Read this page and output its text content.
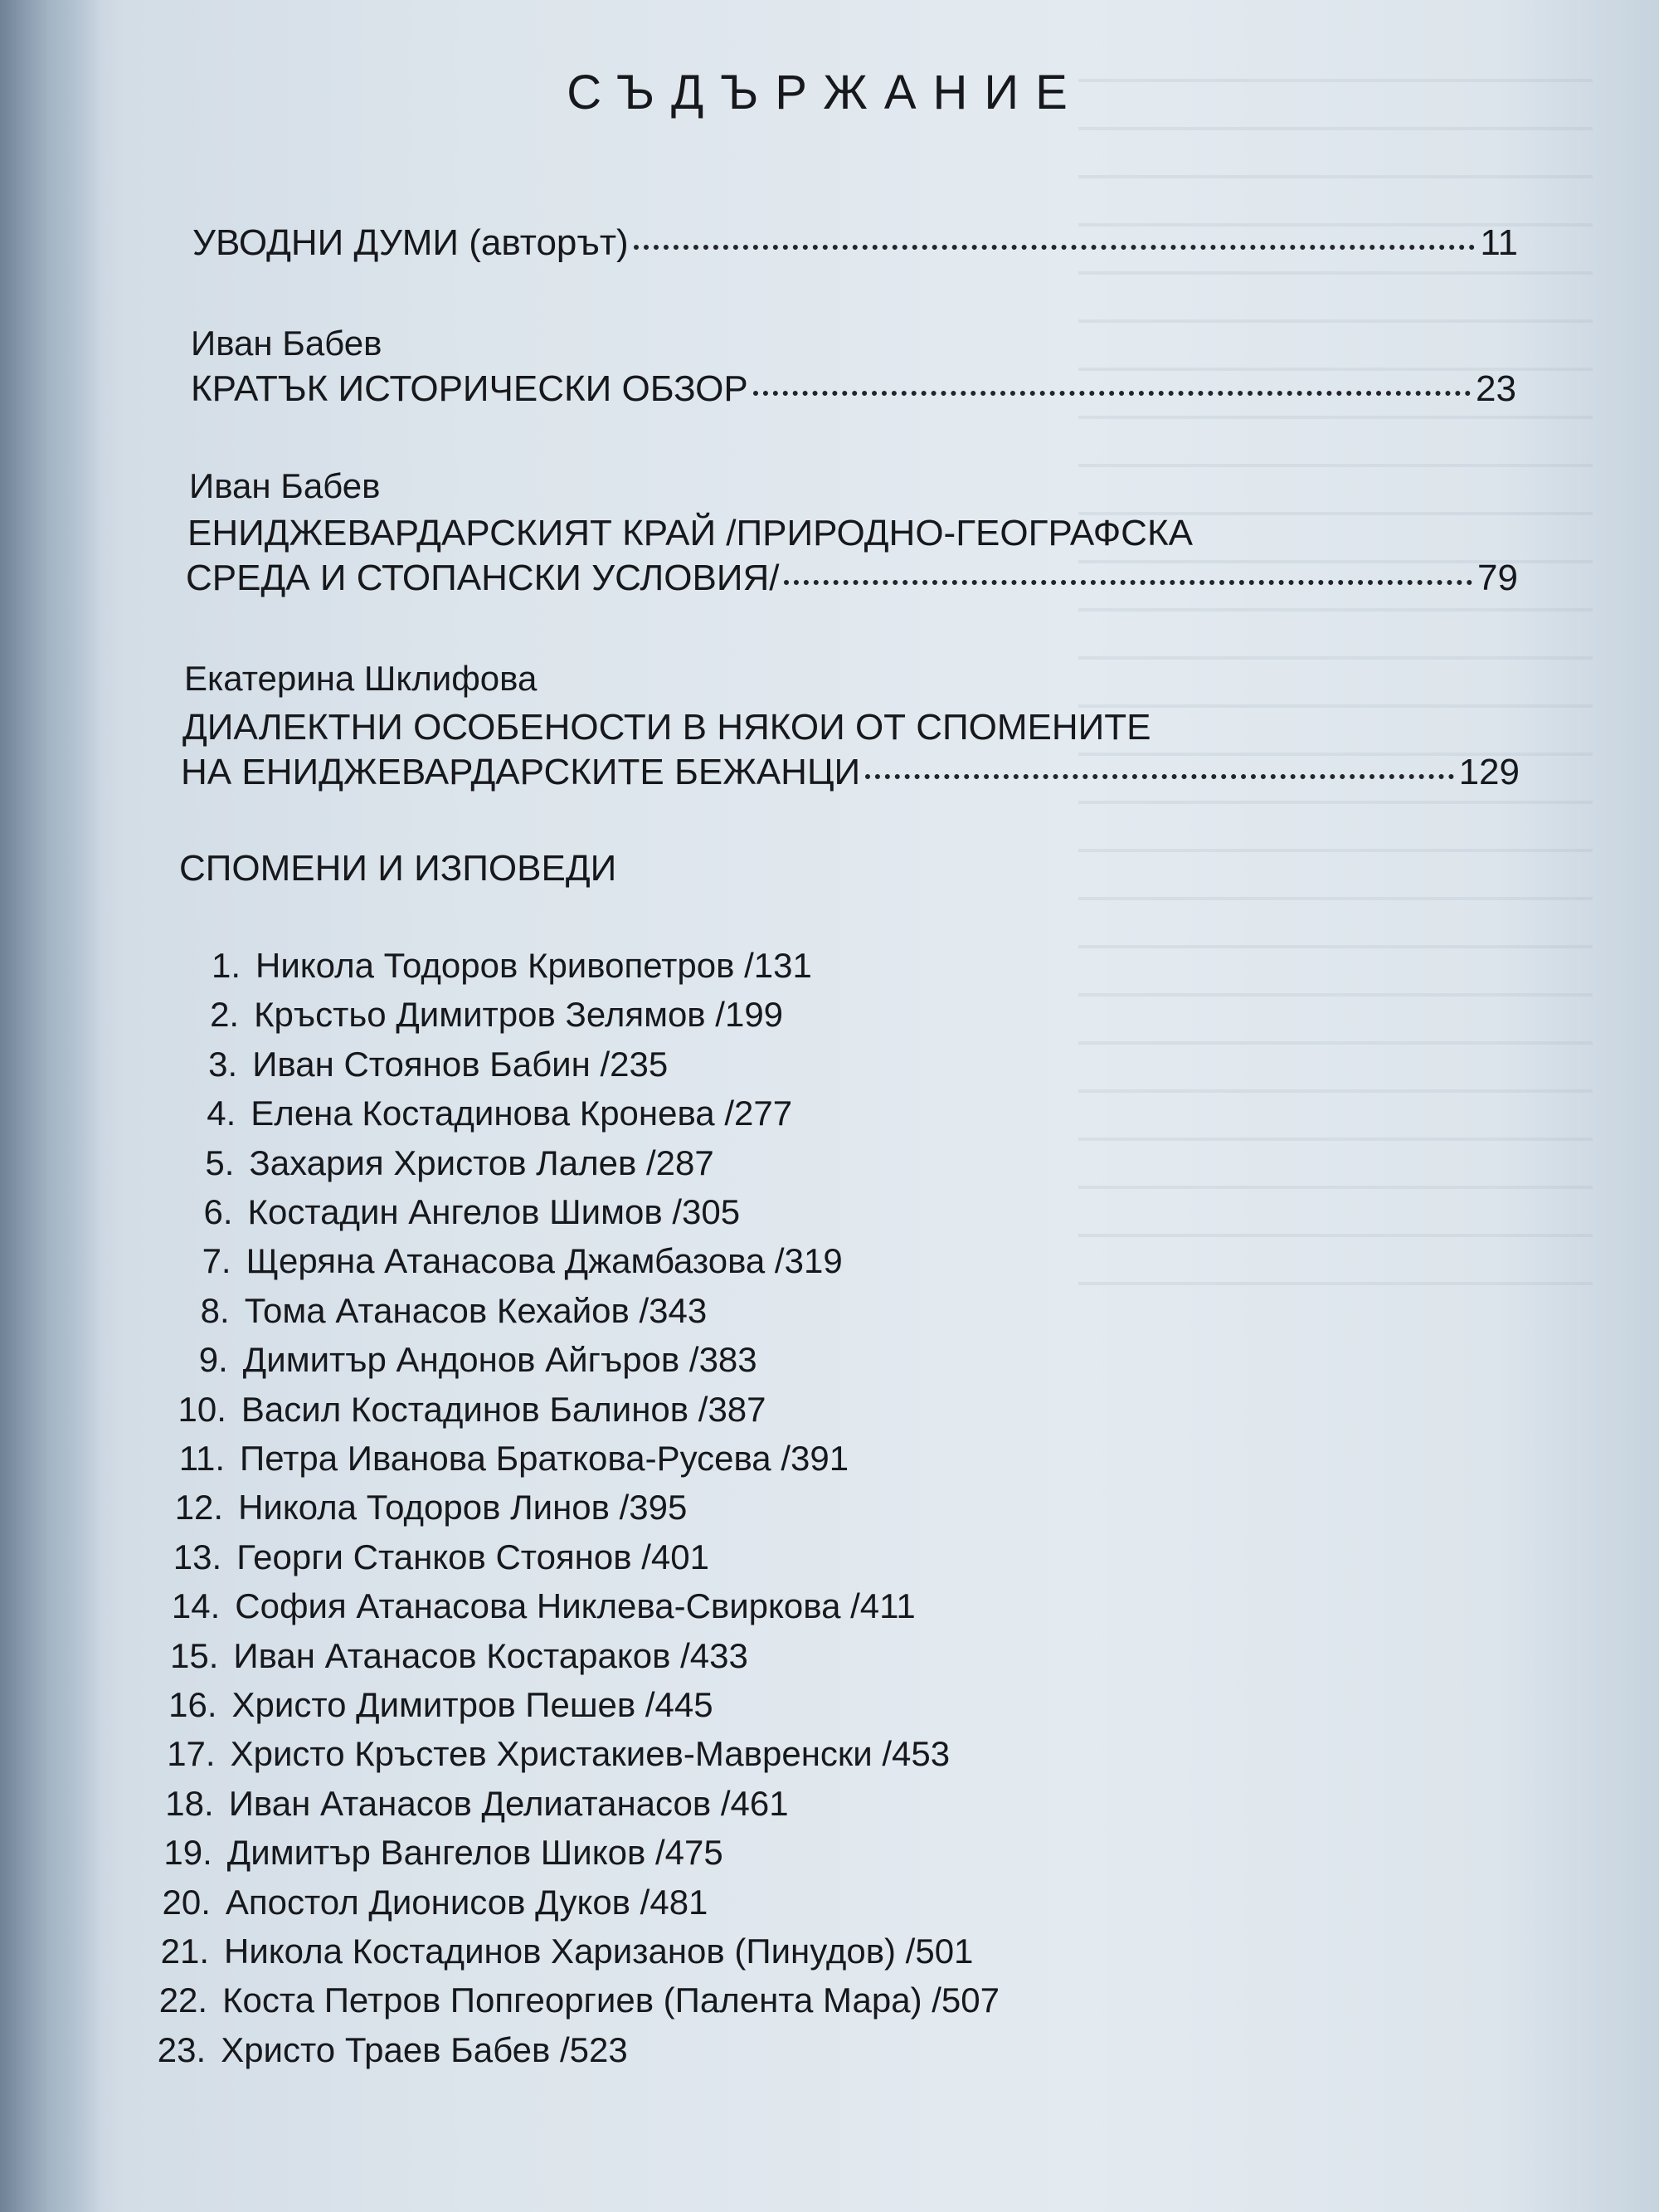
СЪДЪРЖАНИЕ
УВОДНИ ДУМИ (авторът)	11
Иван Бабев
КРАТЪК ИСТОРИЧЕСКИ ОБЗОР	23
Иван Бабев
ЕНИДЖЕВАРДАРСКИЯТ КРАЙ /ПРИРОДНО-ГЕОГРАФСКА
СРЕДА И СТОПАНСКИ УСЛОВИЯ/	79
Екатерина Шклифова
ДИАЛЕКТНИ ОСОБЕНОСТИ В НЯКОИ ОТ СПОМЕНИТЕ
НА ЕНИДЖЕВАРДАРСКИТЕ БЕЖАНЦИ	129
СПОМЕНИ И ИЗПОВЕДИ
1. Никола Тодоров Кривопетров /131
2. Кръстьо Димитров Зелямов /199
3. Иван Стоянов Бабин /235
4. Елена Костадинова Кронева /277
5. Захария Христов Лалев /287
6. Костадин Ангелов Шимов /305
7. Щеряна Атанасова Джамбазова /319
8. Тома Атанасов Кехайов /343
9. Димитър Андонов Айгъров /383
10. Васил Костадинов Балинов /387
11. Петра Иванова Браткова-Русева /391
12. Никола Тодоров Линов /395
13. Георги Станков Стоянов /401
14. София Атанасова Никлева-Свиркова /411
15. Иван Атанасов Костараков /433
16. Христо Димитров Пешев /445
17. Христо Кръстев Христакиев-Мавренски /453
18. Иван Атанасов Делиатанасов /461
19. Димитър Вангелов Шиков /475
20. Апостол Дионисов Дуков /481
21. Никола Костадинов Харизанов (Пинудов) /501
22. Коста Петров Попгеоргиев (Палента Мара) /507
23. Христо Траев Бабев /523
